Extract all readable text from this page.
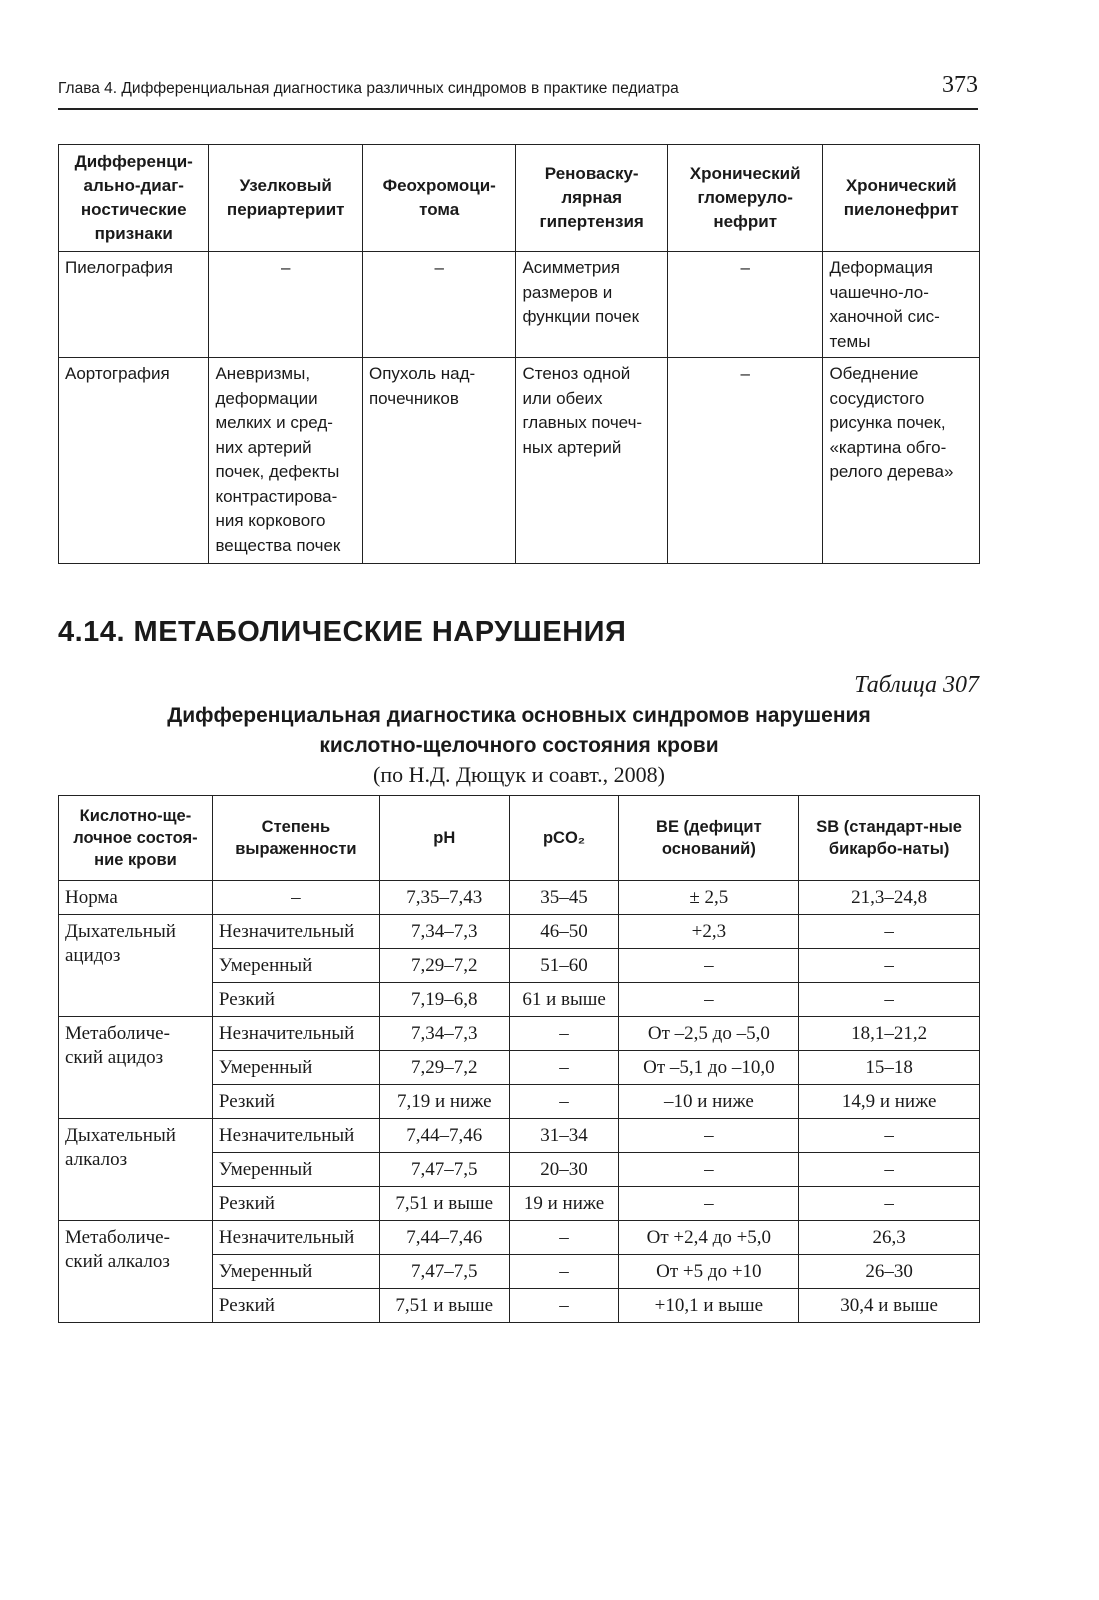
Глава 4. Дифференциальная диагностика различных синдромов в практике педиатра	373
Дифференци-ально-диаг-ностические признаки	Узелковый периартериит	Феохромоци-тома	Реноваску-лярная гипертензия	Хронический гломеруло-нефрит	Хронический пиелонефрит
Пиелография	–	–	Асимметрия размеров и функции почек	–	Деформация чашечно-ло-ханочной сис-темы
Аортография	Аневризмы, деформации мелких и сред-них артерий почек, дефекты контрастирова-ния коркового вещества почек	Опухоль над-почечников	Стеноз одной или обеих главных почеч-ных артерий	–	Обеднение сосудистого рисунка почек, «картина обго-релого дерева»
4.14. МЕТАБОЛИЧЕСКИЕ НАРУШЕНИЯ
Таблица 307
Дифференциальная диагностика основных синдромов нарушения
кислотно-щелочного состояния крови
(по Н.Д. Дющук и соавт., 2008)
Кислотно-ще-лочное состоя-ние крови	Степень выраженности	pH	pCO₂	BE (дефицит оснований)	SB (стандарт-ные бикарбо-наты)
Норма	–	7,35–7,43	35–45	± 2,5	21,3–24,8
Дыхательный ацидоз	Незначительный	7,34–7,3	46–50	+2,3	–
	Умеренный	7,29–7,2	51–60	–	–
	Резкий	7,19–6,8	61 и выше	–	–
Метаболиче-ский ацидоз	Незначительный	7,34–7,3	–	От –2,5 до –5,0	18,1–21,2
	Умеренный	7,29–7,2	–	От –5,1 до –10,0	15–18
	Резкий	7,19 и ниже	–	–10 и ниже	14,9 и ниже
Дыхательный алкалоз	Незначительный	7,44–7,46	31–34	–	–
	Умеренный	7,47–7,5	20–30	–	–
	Резкий	7,51 и выше	19 и ниже	–	–
Метаболиче-ский алкалоз	Незначительный	7,44–7,46	–	От +2,4 до +5,0	26,3
	Умеренный	7,47–7,5	–	От +5 до +10	26–30
	Резкий	7,51 и выше	–	+10,1 и выше	30,4 и выше
